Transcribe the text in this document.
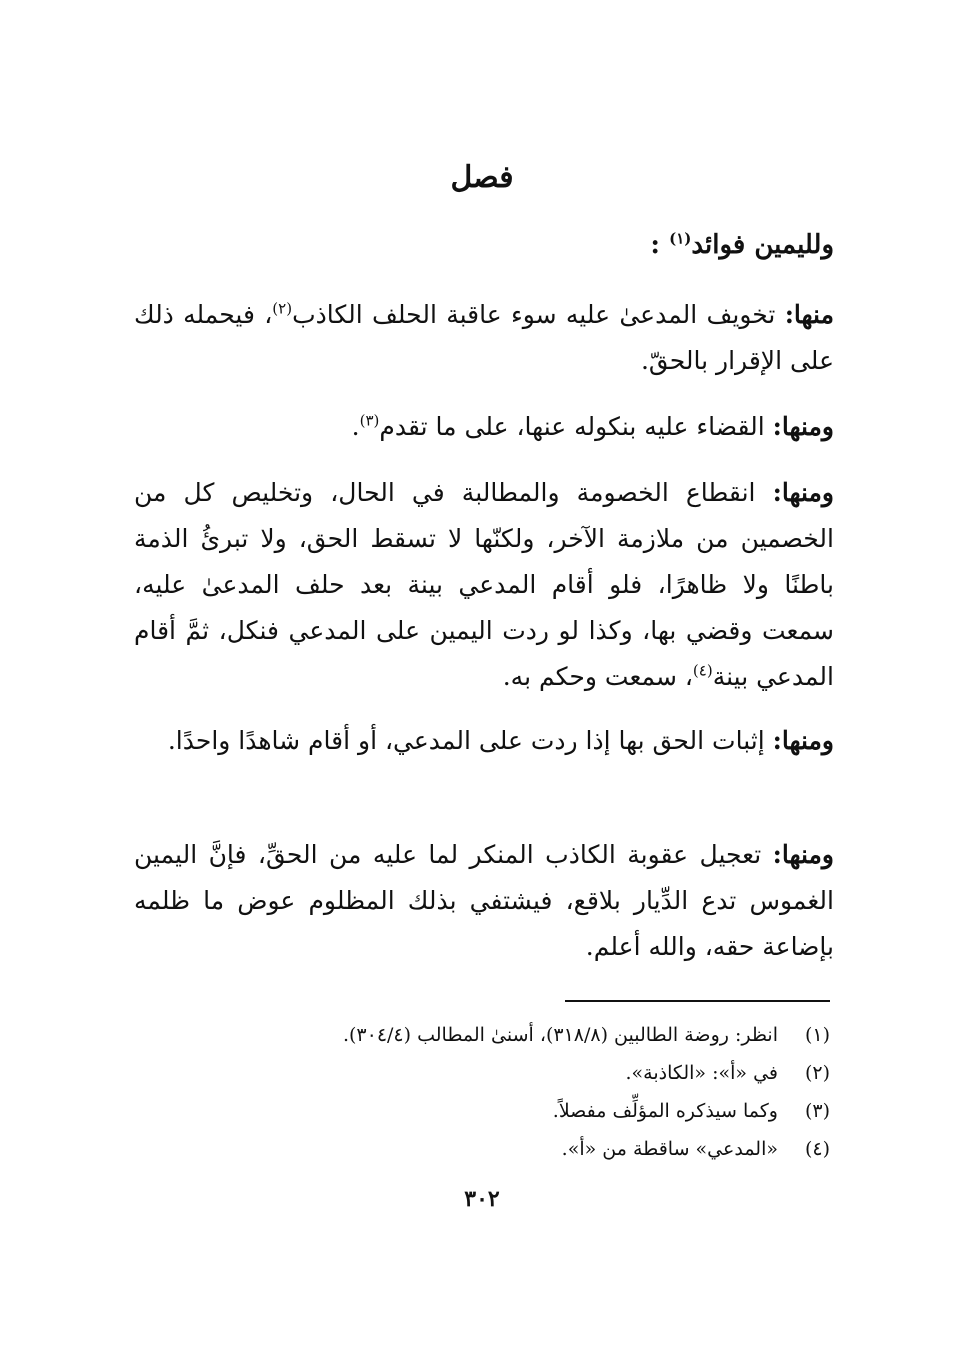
فصل
ولليمين فوائد$^{(١)}$ :
منها: تخويف المدعىٰ عليه سوء عاقبة الحلف الكاذب$^{(٢)}$، فيحمله ذلك على الإقرار بالحقّ.
ومنها: القضاء عليه بنكوله عنها، على ما تقدم$^{(٣)}$.
ومنها: انقطاع الخصومة والمطالبة في الحال، وتخليص كل من الخصمين من ملازمة الآخر، ولكنّها لا تسقط الحق، ولا تبرئُ الذمة باطنًا ولا ظاهرًا، فلو أقام المدعي بينة بعد حلف المدعىٰ عليه، سمعت وقضي بها، وكذا لو ردت اليمين على المدعي فنكل، ثمَّ أقام المدعي بينة$^{(٤)}$، سمعت وحكم به.
ومنها: إثبات الحق بها إذا ردت على المدعي، أو أقام شاهدًا واحدًا.
ومنها: تعجيل عقوبة الكاذب المنكر لما عليه من الحقِّ، فإنَّ اليمين الغموس تدع الدِّيار بلاقع، فيشتفي بذلك المظلوم عوض ما ظلمه بإضاعة حقه، والله أعلم.
(١)
انظر: روضة الطالبين (٣١٨/٨)، أسنىٰ المطالب (٣٠٤/٤).
(٢)
في «أ»: «الكاذبة».
(٣)
وكما سيذكره المؤلِّف مفصلاً.
(٤)
«المدعي» ساقطة من «أ».
٣٠٢
